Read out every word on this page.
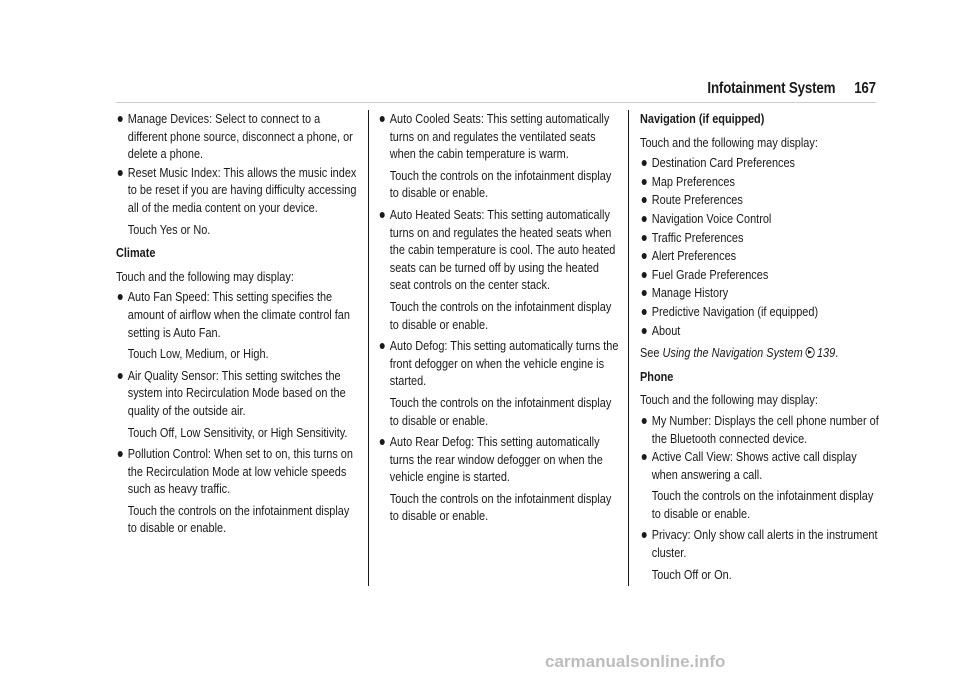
Infotainment System 167
Manage Devices: Select to connect to a different phone source, disconnect a phone, or delete a phone.
Reset Music Index: This allows the music index to be reset if you are having difficulty accessing all of the media content on your device.
Touch Yes or No.
Climate
Touch and the following may display:
Auto Fan Speed: This setting specifies the amount of airflow when the climate control fan setting is Auto Fan.
Touch Low, Medium, or High.
Air Quality Sensor: This setting switches the system into Recirculation Mode based on the quality of the outside air.
Touch Off, Low Sensitivity, or High Sensitivity.
Pollution Control: When set to on, this turns on the Recirculation Mode at low vehicle speeds such as heavy traffic.
Touch the controls on the infotainment display to disable or enable.
Auto Cooled Seats: This setting automatically turns on and regulates the ventilated seats when the cabin temperature is warm.
Touch the controls on the infotainment display to disable or enable.
Auto Heated Seats: This setting automatically turns on and regulates the heated seats when the cabin temperature is cool. The auto heated seats can be turned off by using the heated seat controls on the center stack.
Touch the controls on the infotainment display to disable or enable.
Auto Defog: This setting automatically turns the front defogger on when the vehicle engine is started.
Touch the controls on the infotainment display to disable or enable.
Auto Rear Defog: This setting automatically turns the rear window defogger on when the vehicle engine is started.
Touch the controls on the infotainment display to disable or enable.
Navigation (if equipped)
Touch and the following may display:
Destination Card Preferences
Map Preferences
Route Preferences
Navigation Voice Control
Traffic Preferences
Alert Preferences
Fuel Grade Preferences
Manage History
Predictive Navigation (if equipped)
About
See Using the Navigation System 139.
Phone
Touch and the following may display:
My Number: Displays the cell phone number of the Bluetooth connected device.
Active Call View: Shows active call display when answering a call.
Touch the controls on the infotainment display to disable or enable.
Privacy: Only show call alerts in the instrument cluster.
Touch Off or On.
carmanualsonline.info
